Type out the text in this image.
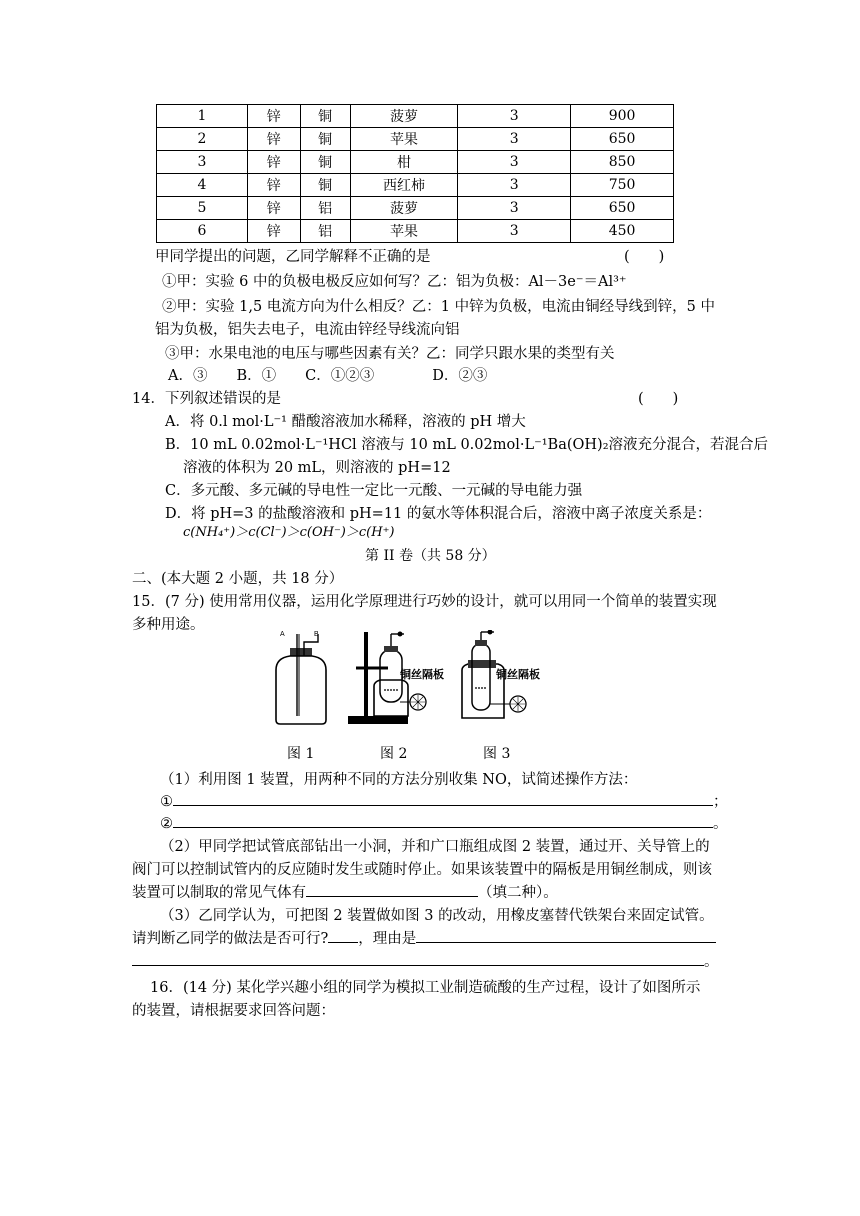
1	锌	铜	菠萝	3	900
2	锌	铜	苹果	3	650
3	锌	铜	柑	3	850
4	锌	铜	西红柿	3	750
5	锌	铝	菠萝	3	650
6	锌	铝	苹果	3	450
甲同学提出的问题，乙同学解释不正确的是	(　　)
①甲：实验 6 中的负极电极反应如何写？乙：铝为负极：Al－3e⁻＝Al³⁺
②甲：实验 1,5 电流方向为什么相反？乙：1 中锌为负极，电流由铜经导线到锌，5 中
铝为负极，铝失去电子，电流由锌经导线流向铝
③甲：水果电池的电压与哪些因素有关？乙：同学只跟水果的类型有关
A．③　　B．①　　C．①②③　　　　D．②③
14．下列叙述错误的是	(　　)
A．将 0.l mol·L⁻¹ 醋酸溶液加水稀释，溶液的 pH 增大
B．10 mL 0.02mol·L⁻¹HCl 溶液与 10 mL 0.02mol·L⁻¹Ba(OH)₂溶液充分混合，若混合后
溶液的体积为 20 mL，则溶液的 pH=12
C．多元酸、多元碱的导电性一定比一元酸、一元碱的导电能力强
D．将 pH=3 的盐酸溶液和 pH=11 的氨水等体积混合后，溶液中离子浓度关系是：
c(NH₄⁺)＞c(Cl⁻)＞c(OH⁻)＞c(H⁺)
第 II 卷（共 58 分）
二、(本大题 2 小题，共 18 分）
15．(7 分) 使用常用仪器，运用化学原理进行巧妙的设计，就可以用同一个简单的装置实现
多种用途。
A	B
铜丝隔板	铜丝隔板
图 1	图 2	图 3
（1）利用图 1 装置，用两种不同的方法分别收集 NO，试简述操作方法：
①	；
②	。
（2）甲同学把试管底部钻出一小洞，并和广口瓶组成图 2 装置，通过开、关导管上的
阀门可以控制试管内的反应随时发生或随时停止。如果该装置中的隔板是用铜丝制成，则该
装置可以制取的常见气体有	（填二种）。
（3）乙同学认为，可把图 2 装置做如图 3 的改动，用橡皮塞替代铁架台来固定试管。
请判断乙同学的做法是否可行? ，理由是
。
16．(14 分) 某化学兴趣小组的同学为模拟工业制造硫酸的生产过程，设计了如图所示
的装置，请根据要求回答问题：
